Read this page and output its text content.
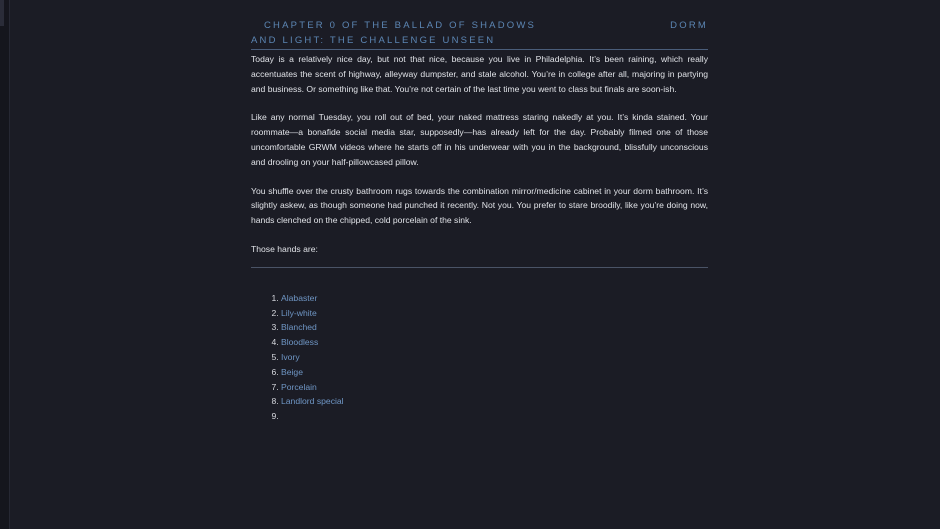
CHAPTER 0 OF THE BALLAD OF SHADOWS	DORM
AND LIGHT: THE CHALLENGE UNSEEN

Today is a relatively nice day, but not that nice, because you live in Philadelphia. It’s been raining, which really accentuates the scent of highway, alleyway dumpster, and stale alcohol. You’re in college after all, majoring in partying and business. Or something like that. You’re not certain of the last time you went to class but finals are soon-ish.

Like any normal Tuesday, you roll out of bed, your naked mattress staring nakedly at you. It’s kinda stained. Your roommate—a bonafide social media star, supposedly—has already left for the day. Probably filmed one of those uncomfortable GRWM videos where he starts off in his underwear with you in the background, blissfully unconscious and drooling on your half-pillowcased pillow.

You shuffle over the crusty bathroom rugs towards the combination mirror/medicine cabinet in your dorm bathroom. It’s slightly askew, as though someone had punched it recently. Not you. You prefer to stare broodily, like you’re doing now, hands clenched on the chipped, cold porcelain of the sink.

Those hands are:

1. Alabaster
2. Lily-white
3. Blanched
4. Bloodless
5. Ivory
6. Beige
7. Porcelain
8. Landlord special
9.
